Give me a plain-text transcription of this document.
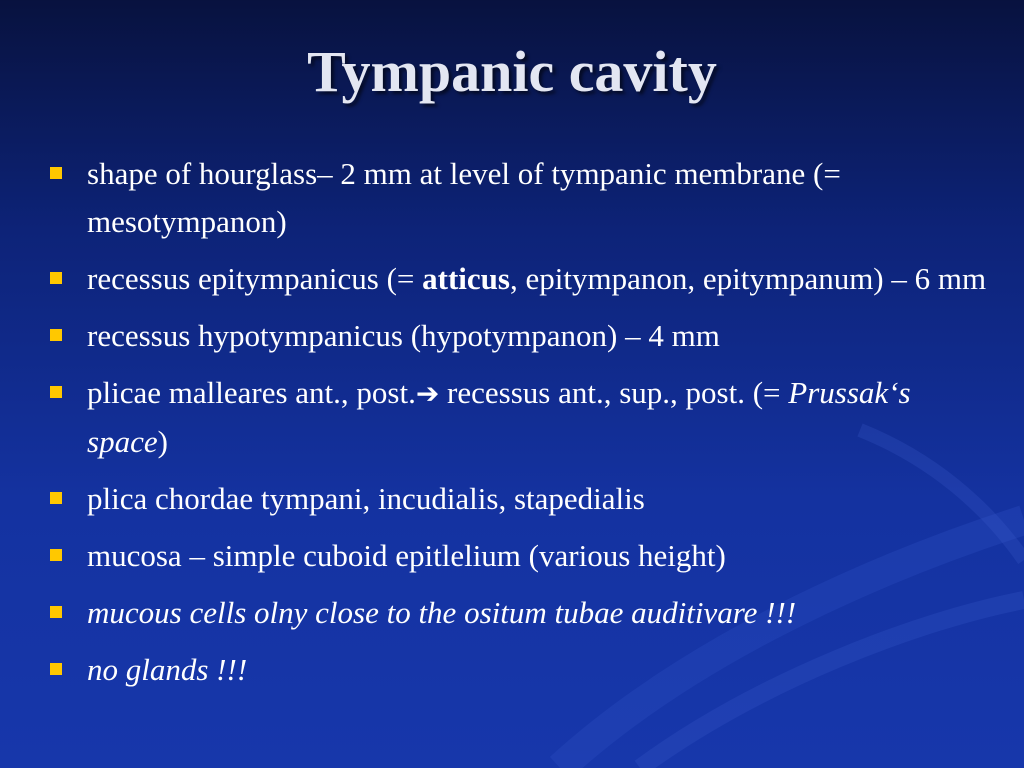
Tympanic cavity
shape of hourglass– 2 mm at level of tympanic membrane (= mesotympanon)
recessus epitympanicus (= atticus, epitympanon, epitympanum) – 6 mm
recessus hypotympanicus (hypotympanon) – 4 mm
plicae malleares ant., post.➔ recessus ant., sup., post. (= Prussak‘s space)
plica chordae tympani, incudialis, stapedialis
mucosa – simple cuboid epitlelium (various height)
mucous cells olny close to the ositum tubae auditivare !!!
no glands !!!
